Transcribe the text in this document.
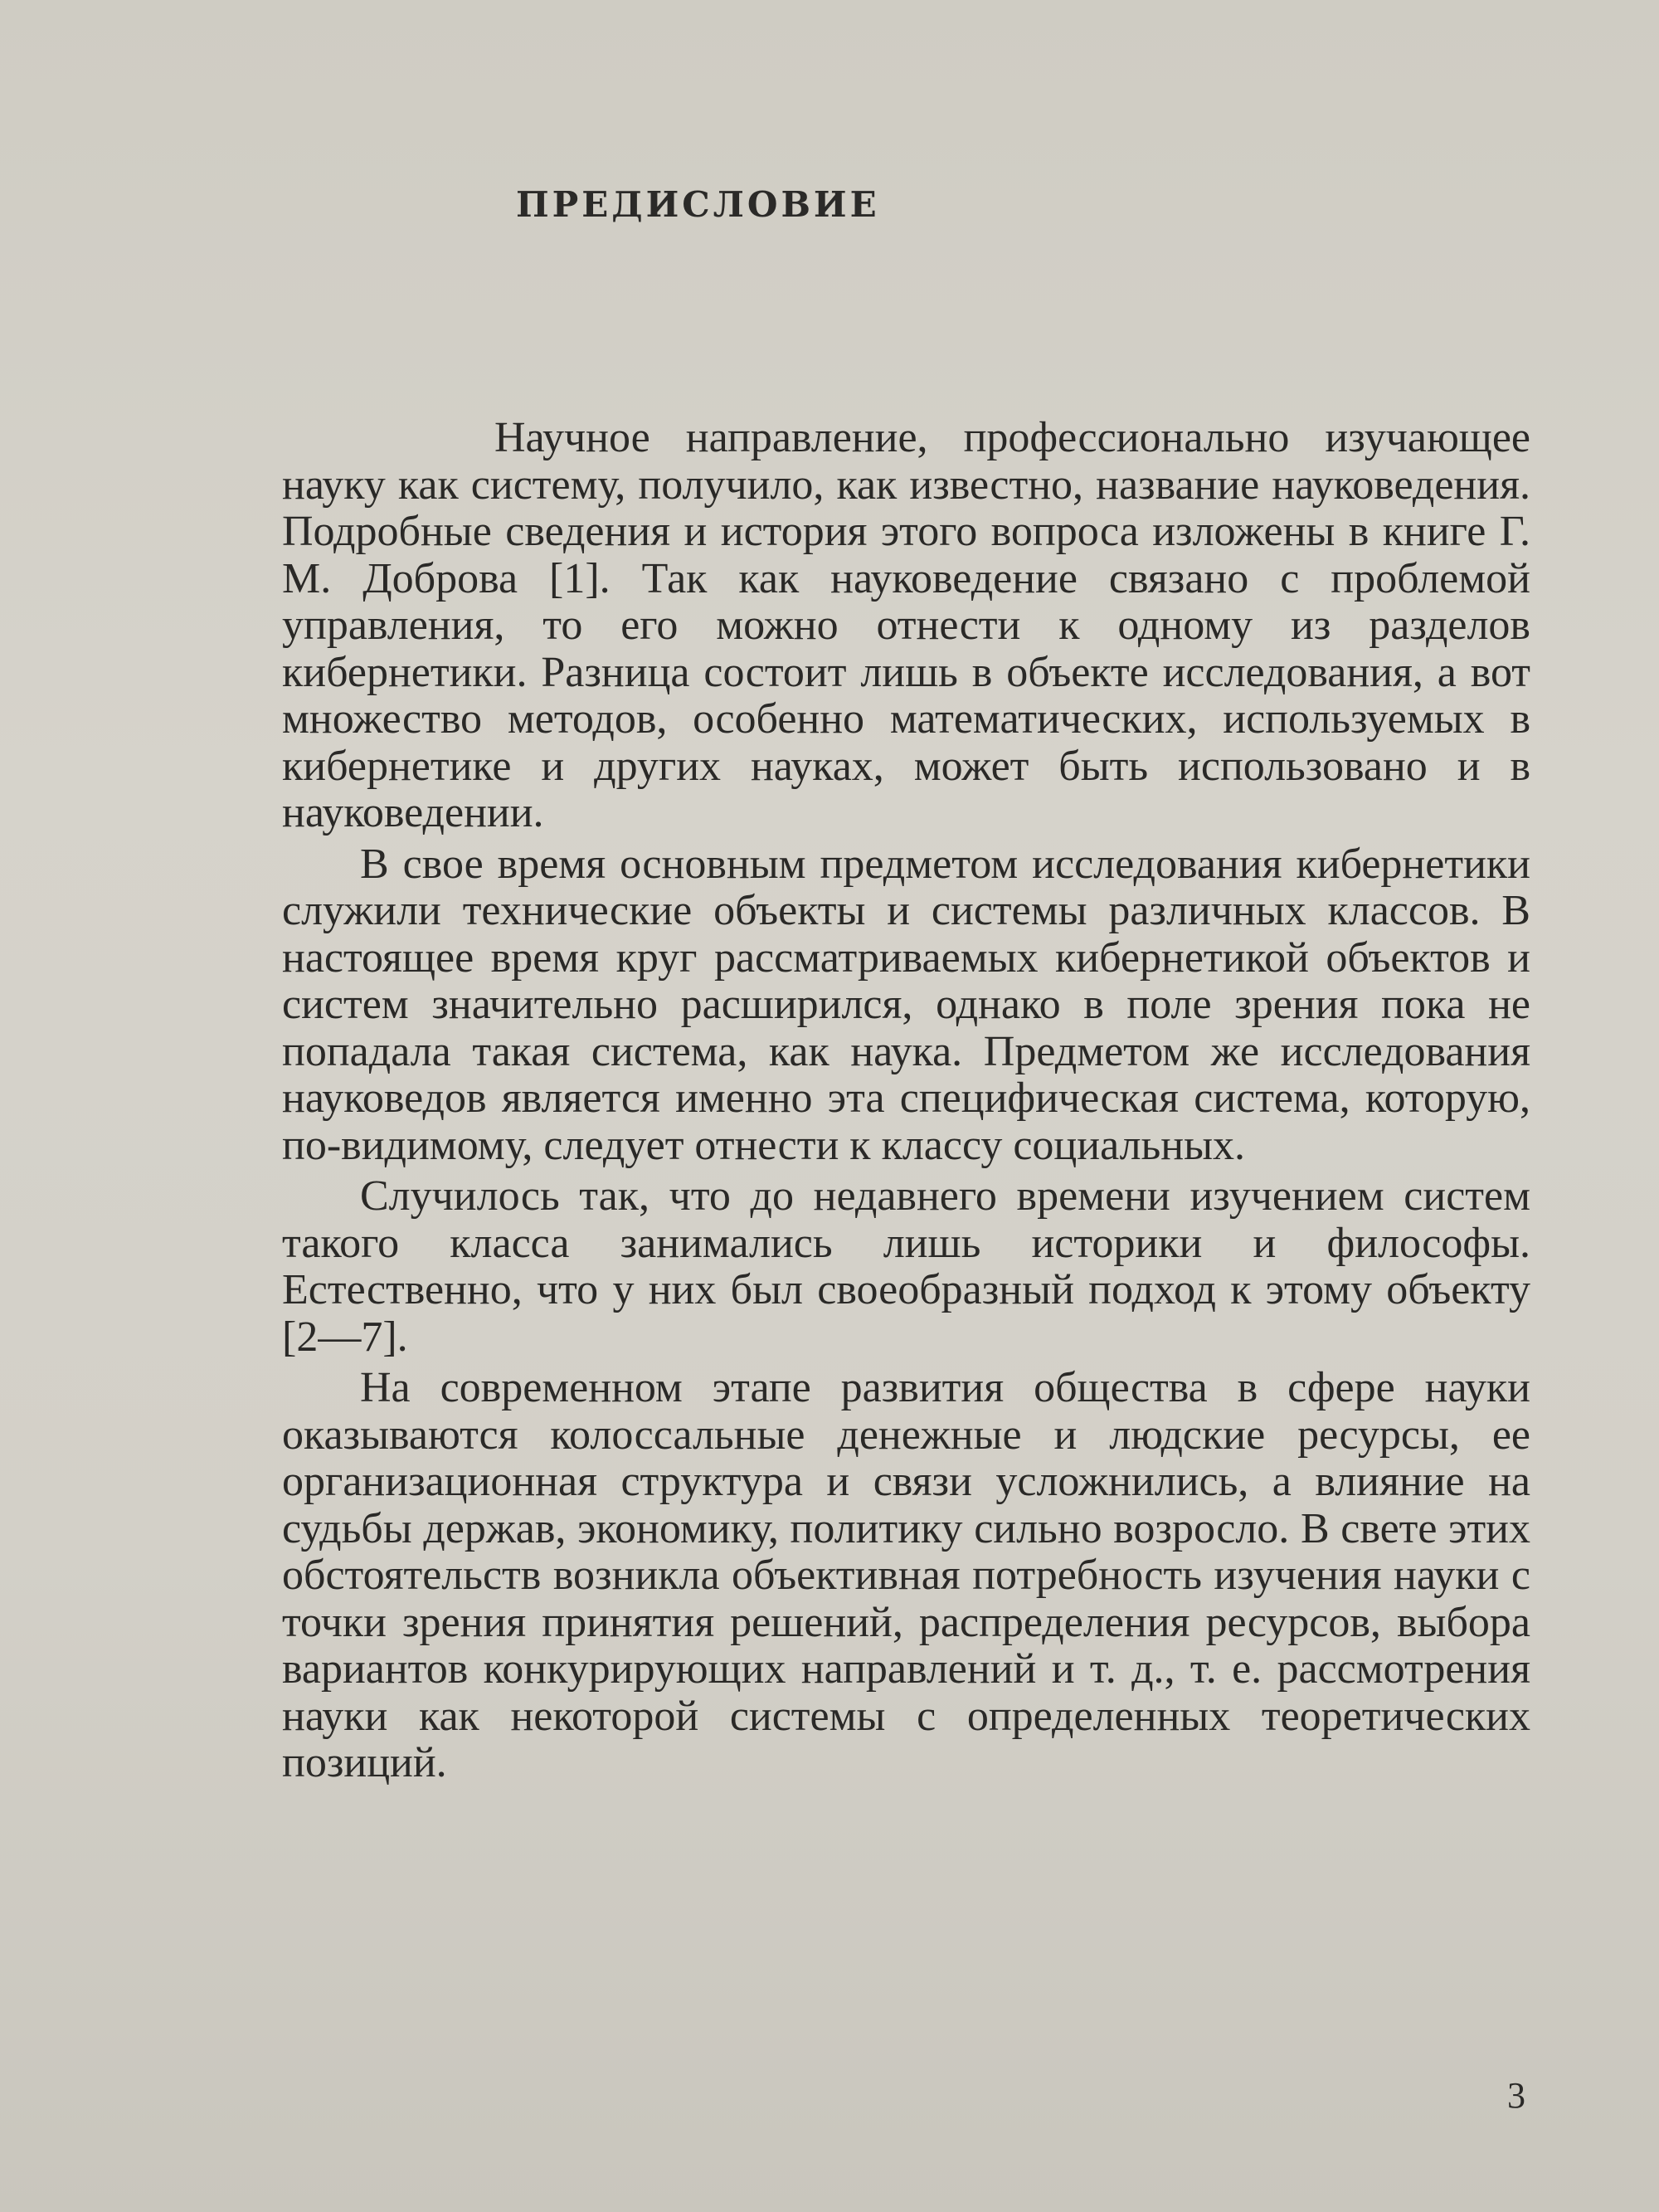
ПРЕДИСЛОВИЕ

Научное направление, профессионально изучающее науку как систему, получило, как известно, название науковедения. Подробные сведения и история этого вопроса изложены в книге Г. М. Доброва [1]. Так как науковедение связано с проблемой управления, то его можно отнести к одному из разделов кибернетики. Разница состоит лишь в объекте исследования, а вот множество методов, особенно математических, используемых в кибернетике и других науках, может быть использовано и в науковедении.

В свое время основным предметом исследования кибернетики служили технические объекты и системы различных классов. В настоящее время круг рассматриваемых кибернетикой объектов и систем значительно расширился, однако в поле зрения пока не попадала такая система, как наука. Предметом же исследования науковедов является именно эта специфическая система, которую, по-видимому, следует отнести к классу социальных.

Случилось так, что до недавнего времени изучением систем такого класса занимались лишь историки и философы. Естественно, что у них был своеобразный подход к этому объекту [2—7].

На современном этапе развития общества в сфере науки оказываются колоссальные денежные и людские ресурсы, ее организационная структура и связи усложнились, а влияние на судьбы держав, экономику, политику сильно возросло. В свете этих обстоятельств возникла объективная потребность изучения науки с точки зрения принятия решений, распределения ресурсов, выбора вариантов конкурирующих направлений и т. д., т. е. рассмотрения науки как некоторой системы с определенных теоретических позиций.

3
